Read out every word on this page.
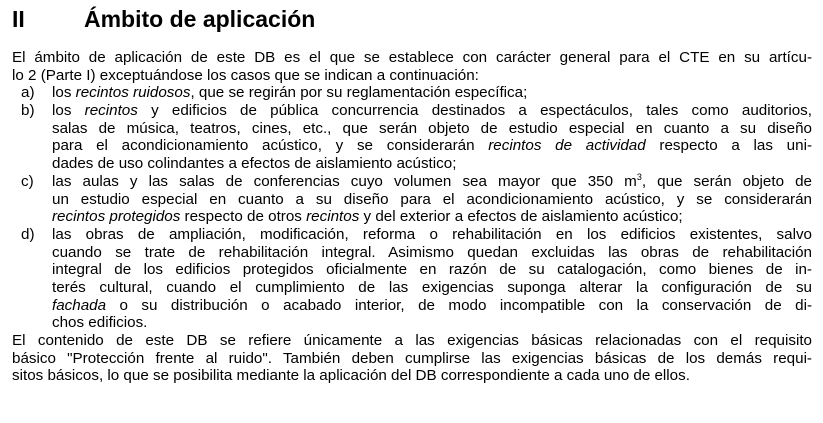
II	Ámbito de aplicación
El ámbito de aplicación de este DB es el que se establece con carácter general para el CTE en su artícu-
lo 2 (Parte I) exceptuándose los casos que se indican a continuación:
a)	los recintos ruidosos, que se regirán por su reglamentación específica;
b)	los recintos y edificios de pública concurrencia destinados a espectáculos, tales como auditorios,
salas de música, teatros, cines, etc., que serán objeto de estudio especial en cuanto a su diseño
para el acondicionamiento acústico, y se considerarán recintos de actividad respecto a las uni-
dades de uso colindantes a efectos de aislamiento acústico;
c)	las aulas y las salas de conferencias cuyo volumen sea mayor que 350 $m^3$, que serán objeto de
un estudio especial en cuanto a su diseño para el acondicionamiento acústico, y se considerarán
recintos protegidos respecto de otros recintos y del exterior a efectos de aislamiento acústico;
d)	las obras de ampliación, modificación, reforma o rehabilitación en los edificios existentes, salvo
cuando se trate de rehabilitación integral. Asimismo quedan excluidas las obras de rehabilitación
integral de los edificios protegidos oficialmente en razón de su catalogación, como bienes de in-
terés cultural, cuando el cumplimiento de las exigencias suponga alterar la configuración de su
fachada o su distribución o acabado interior, de modo incompatible con la conservación de di-
chos edificios.
El contenido de este DB se refiere únicamente a las exigencias básicas relacionadas con el requisito
básico "Protección frente al ruido". También deben cumplirse las exigencias básicas de los demás requi-
sitos básicos, lo que se posibilita mediante la aplicación del DB correspondiente a cada uno de ellos.
